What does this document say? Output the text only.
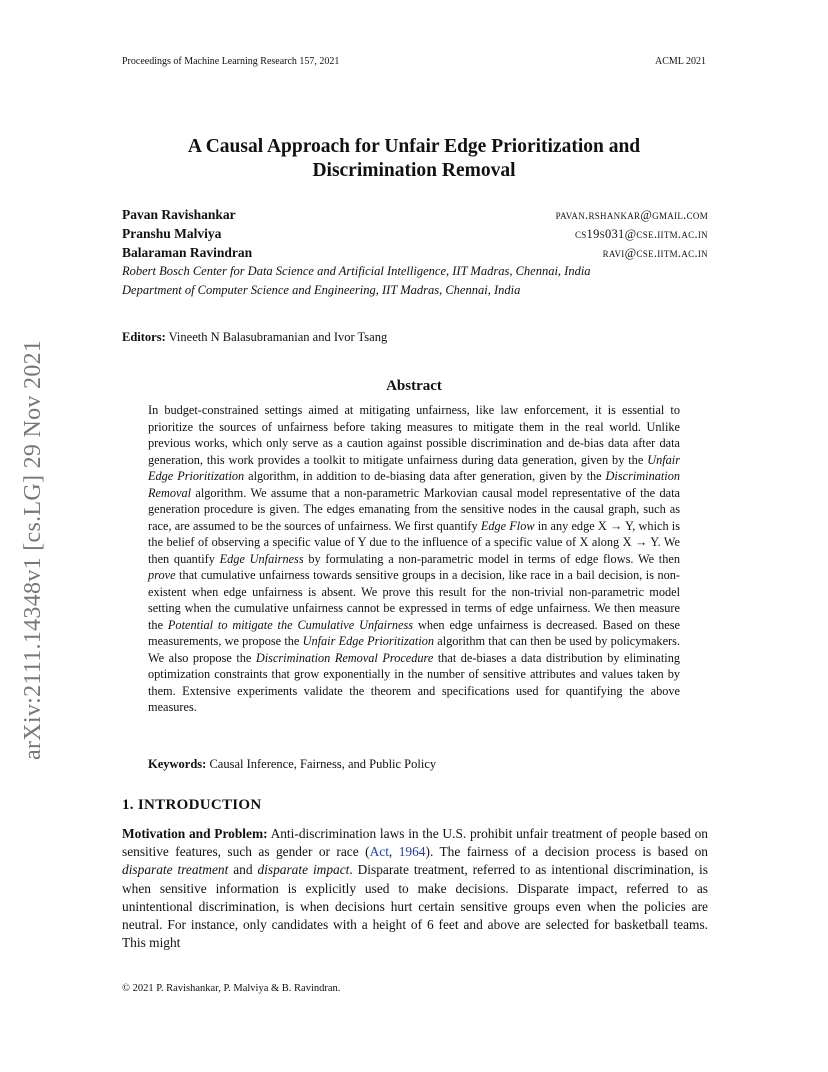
Proceedings of Machine Learning Research 157, 2021	ACML 2021
arXiv:2111.14348v1 [cs.LG] 29 Nov 2021
A Causal Approach for Unfair Edge Prioritization and
Discrimination Removal
Pavan Ravishankar	pavan.rshankar@gmail.com
Pranshu Malviya	cs19s031@cse.iitm.ac.in
Balaraman Ravindran	ravi@cse.iitm.ac.in
Robert Bosch Center for Data Science and Artificial Intelligence, IIT Madras, Chennai, India
Department of Computer Science and Engineering, IIT Madras, Chennai, India
Editors: Vineeth N Balasubramanian and Ivor Tsang
Abstract
In budget-constrained settings aimed at mitigating unfairness, like law enforcement, it is essential to prioritize the sources of unfairness before taking measures to mitigate them in the real world. Unlike previous works, which only serve as a caution against possible discrimination and de-bias data after data generation, this work provides a toolkit to mitigate unfairness during data generation, given by the Unfair Edge Prioritization algorithm, in addition to de-biasing data after generation, given by the Discrimination Removal algorithm. We assume that a non-parametric Markovian causal model representative of the data generation procedure is given. The edges emanating from the sensitive nodes in the causal graph, such as race, are assumed to be the sources of unfairness. We first quantify Edge Flow in any edge X → Y, which is the belief of observing a specific value of Y due to the influence of a specific value of X along X → Y. We then quantify Edge Unfairness by formulating a non-parametric model in terms of edge flows. We then prove that cumulative unfairness towards sensitive groups in a decision, like race in a bail decision, is non-existent when edge unfairness is absent. We prove this result for the non-trivial non-parametric model setting when the cumulative unfairness cannot be expressed in terms of edge unfairness. We then measure the Potential to mitigate the Cumulative Unfairness when edge unfairness is decreased. Based on these measurements, we propose the Unfair Edge Prioritization algorithm that can then be used by policymakers. We also propose the Discrimination Removal Procedure that de-biases a data distribution by eliminating optimization constraints that grow exponentially in the number of sensitive attributes and values taken by them. Extensive experiments validate the theorem and specifications used for quantifying the above measures.
Keywords: Causal Inference, Fairness, and Public Policy
1. INTRODUCTION
Motivation and Problem: Anti-discrimination laws in the U.S. prohibit unfair treatment of people based on sensitive features, such as gender or race (Act, 1964). The fairness of a decision process is based on disparate treatment and disparate impact. Disparate treatment, referred to as intentional discrimination, is when sensitive information is explicitly used to make decisions. Disparate impact, referred to as unintentional discrimination, is when decisions hurt certain sensitive groups even when the policies are neutral. For instance, only candidates with a height of 6 feet and above are selected for basketball teams. This might
© 2021 P. Ravishankar, P. Malviya & B. Ravindran.
